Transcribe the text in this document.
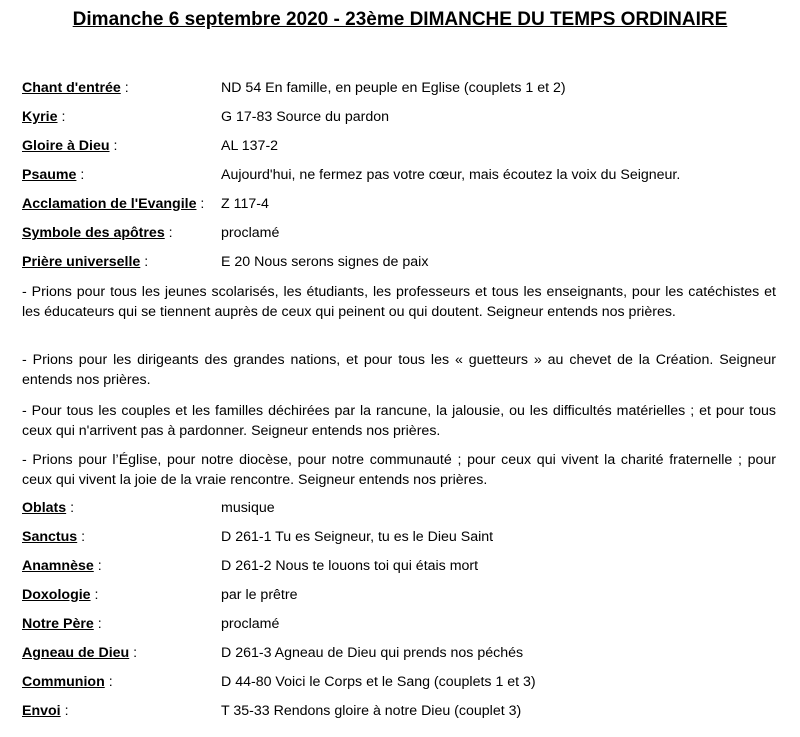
Dimanche 6 septembre 2020 - 23ème DIMANCHE DU TEMPS ORDINAIRE
Chant d'entrée :	ND 54 En famille, en peuple en Eglise (couplets 1 et 2)
Kyrie :	G 17-83 Source du pardon
Gloire à Dieu :	AL 137-2
Psaume :	Aujourd'hui, ne fermez pas votre cœur, mais écoutez la voix du Seigneur.
Acclamation de l'Evangile : Z 117-4
Symbole des apôtres :	proclamé
Prière universelle :	E 20 Nous serons signes de paix
- Prions pour tous les jeunes scolarisés, les étudiants, les professeurs et tous les enseignants, pour les catéchistes et les éducateurs qui se tiennent auprès de ceux qui peinent ou qui doutent. Seigneur entends nos prières.
- Prions pour les dirigeants des grandes nations, et pour tous les « guetteurs » au chevet de la Création. Seigneur entends nos prières.
- Pour tous les couples et les familles déchirées par la rancune, la jalousie, ou les difficultés matérielles ; et pour tous ceux qui n'arrivent pas à pardonner. Seigneur entends nos prières.
- Prions pour l’Église, pour notre diocèse, pour notre communauté ; pour ceux qui vivent la charité fraternelle ; pour ceux qui vivent la joie de la vraie rencontre. Seigneur entends nos prières.
Oblats :	musique
Sanctus :	D 261-1 Tu es Seigneur, tu es le Dieu Saint
Anamnèse :	D 261-2 Nous te louons toi qui étais mort
Doxologie :	par le prêtre
Notre Père :	proclamé
Agneau de Dieu :	D 261-3 Agneau de Dieu qui prends nos péchés
Communion :	D 44-80 Voici le Corps et le Sang (couplets 1 et 3)
Envoi :	T 35-33 Rendons gloire à notre Dieu (couplet 3)
